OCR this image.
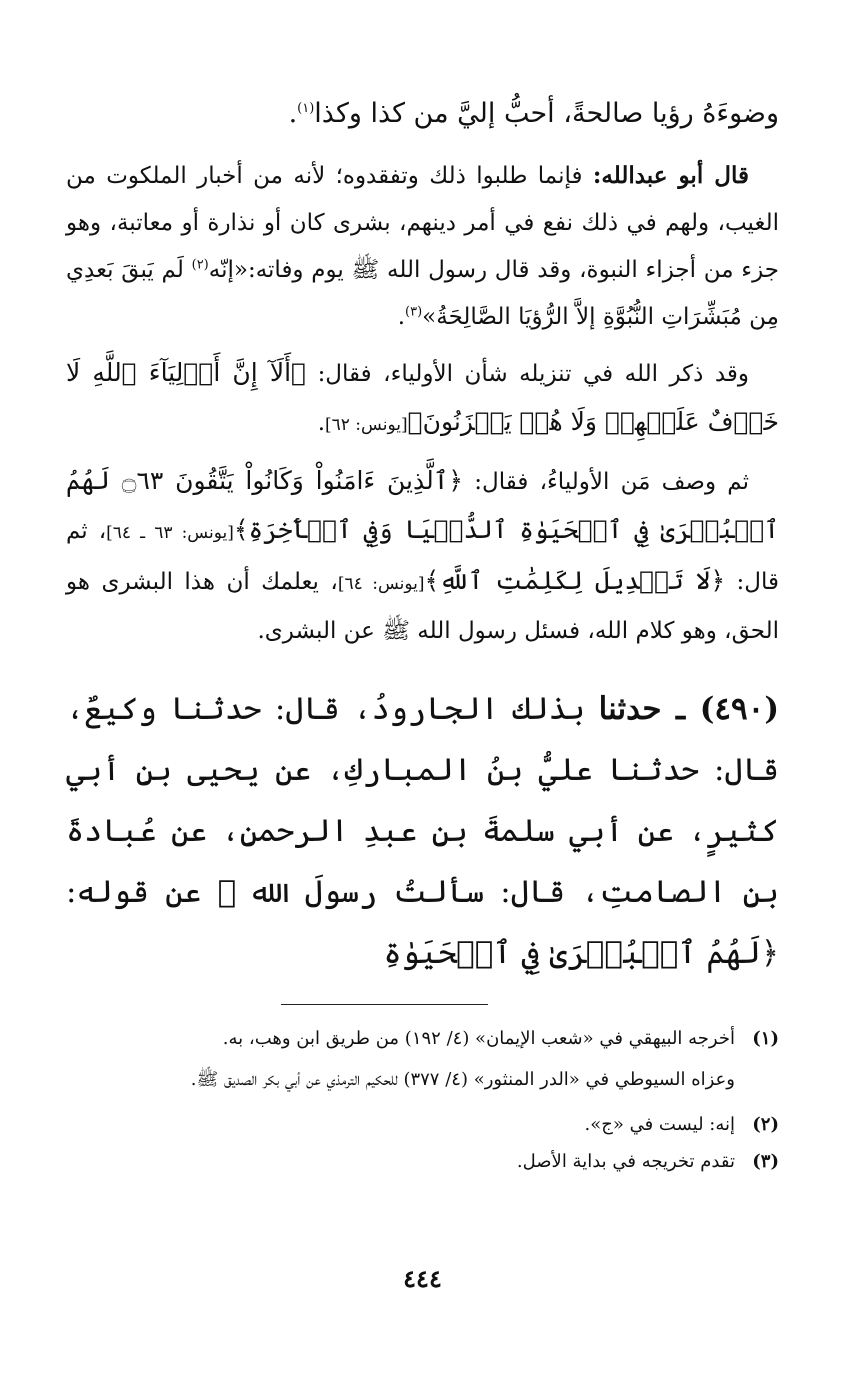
وضوءَهُ رؤيا صالحةً، أحبُّ إليَّ من كذا وكذا$^{(١)}$.

قال أبو عبدالله: فإنما طلبوا ذلك وتفقدوه؛ لأنه من أخبار الملكوت من الغيب، ولهم في ذلك نفع في أمر دينهم، بشرى كان أو نذارة أو معاتبة، وهو جزء من أجزاء النبوة، وقد قال رسول الله ﷺ يوم وفاته:«إنّه$^{(٢)}$ لَم يَبقَ بَعدِي مِن مُبَشِّرَاتِ النُّبُوَّةِ إلاَّ الرُّؤيَا الصَّالِحَةُ»$^{(٣)}$.

وقد ذكر الله في تنزيله شأن الأولياء، فقال: ﴿أَلَآ إِنَّ أَوۡلِيَآءَ ٱللَّهِ لَا خَوۡفٌ عَلَيۡهِمۡ وَلَا هُمۡ يَحۡزَنُونَ﴾[يونس: ٦٢].

ثم وصف مَن الأولياءُ، فقال: ﴿ٱلَّذِينَ ءَامَنُواْ وَكَانُواْ يَتَّقُونَ ۝٦٣ لَهُمُ ٱلۡبُشۡرَىٰ فِي ٱلۡحَيَوٰةِ ٱلدُّنۡيَا وَفِي ٱلۡأٓخِرَةِ﴾[يونس: ٦٣ ـ ٦٤]، ثم قال: ﴿لَا تَبۡدِيلَ لِكَلِمَٰتِ ٱللَّهِ﴾[يونس: ٦٤]، يعلمك أن هذا البشرى هو الحق، وهو كلام الله، فسئل رسول الله ﷺ عن البشرى.

(٤٩٠) ـ حدثنا بذلك الجارودُ، قال: حدثنا وكيعٌ، قال: حدثنا عليُّ بنُ المباركِ، عن يحيى بنِ أبي كثيرٍ، عن أبي سلمةَ بنِ عبدِ الرحمنِ، عن عُبادةَ بنِ الصامتِ، قال: سألتُ رسولَ الله ﷺ عن قوله: ﴿لَهُمُ ٱلۡبُشۡرَىٰ فِي ٱلۡحَيَوٰةِ

(١)
أخرجه البيهقي في «شعب الإيمان» (٤/ ١٩٢) من طريق ابن وهب، به.

وعزاه السيوطي في «الدر المنثور» (٤/ ٣٧٧) للحكيم الترمذي عن أبي بكر الصديق ﷺ.

(٢)
إنه: ليست في «ج».
(٣)
تقدم تخريجه في بداية الأصل.
٤٤٤
